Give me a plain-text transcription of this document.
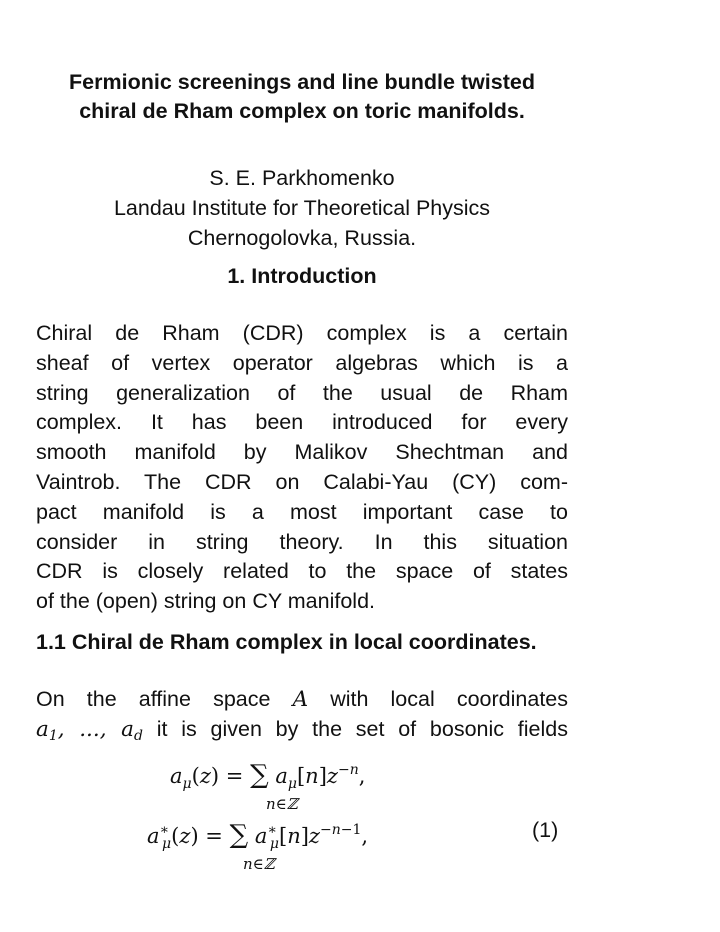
Fermionic screenings and line bundle twisted
chiral de Rham complex on toric manifolds.
S. E. Parkhomenko
Landau Institute for Theoretical Physics
Chernogolovka, Russia.
1. Introduction
Chiral de Rham (CDR) complex is a certain
sheaf of vertex operator algebras which is a
string generalization of the usual de Rham
complex. It has been introduced for every
smooth manifold by Malikov Shechtman and
Vaintrob. The CDR on Calabi-Yau (CY) com-
pact manifold is a most important case to
consider in string theory. In this situation
CDR is closely related to the space of states
of the (open) string on CY manifold.
1.1 Chiral de Rham complex in local coordinates.
On the affine space A with local coordinates
a1, ..., ad it is given by the set of bosonic fields
$a_\mu(z)$ = ∑ $a_\mu[n]z^{-n}$,
n∈ℤ
$a^∗_\mu(z)$ = ∑ $a^∗_\mu[n]z^{-n-1}$,
n∈ℤ
(1)
